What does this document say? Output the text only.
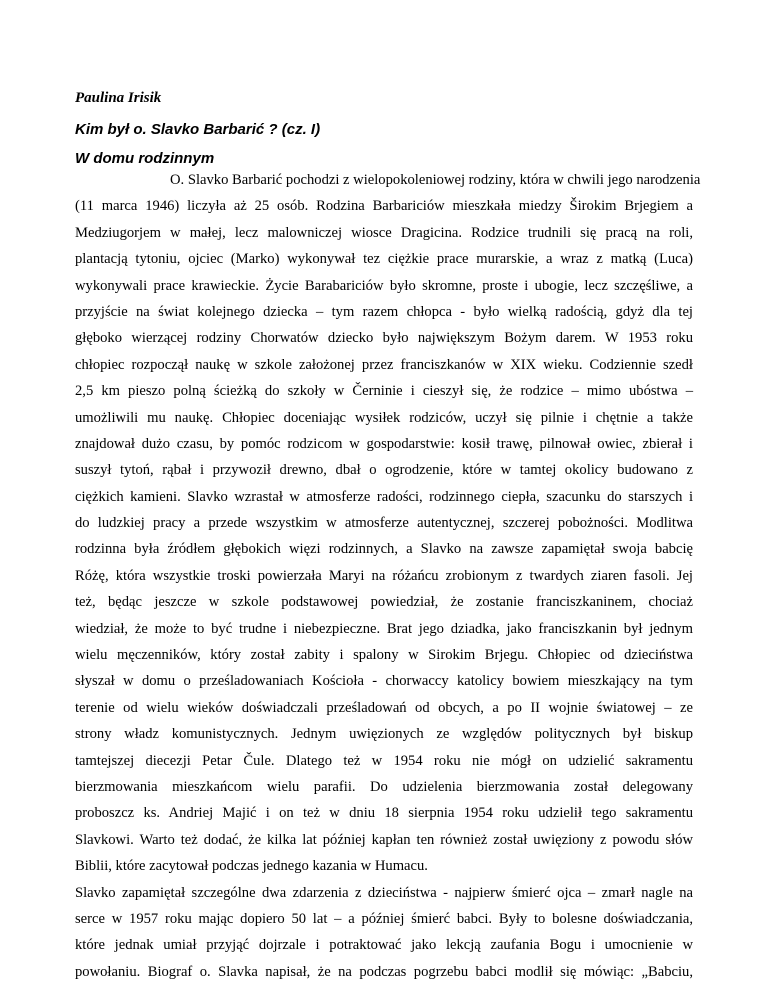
Paulina Irisik

Kim był o. Slavko Barbarić ? (cz. I)

W domu rodzinnym

O. Slavko Barbarić pochodzi z wielopokoleniowej rodziny, która w chwili jego narodzenia
(11 marca 1946) liczyła aż 25 osób. Rodzina Barbariciów mieszkała miedzy Širokim Brjegiem a
Medziugorjem w małej, lecz malowniczej wiosce Dragicina. Rodzice trudnili się pracą na roli,
plantacją tytoniu, ojciec (Marko) wykonywał tez ciężkie prace murarskie, a wraz z matką (Luca)
wykonywali prace krawieckie. Życie Barabariciów było skromne, proste i ubogie, lecz szczęśliwe, a
przyjście na świat kolejnego dziecka – tym razem chłopca - było wielką radością, gdyż dla tej
głęboko wierzącej rodziny Chorwatów dziecko było największym Bożym darem. W 1953 roku
chłopiec rozpoczął naukę w szkole założonej przez franciszkanów w XIX wieku. Codziennie szedł
2,5 km pieszo polną ścieżką do szkoły w Černinie i cieszył się, że rodzice – mimo ubóstwa –
umożliwili mu naukę. Chłopiec doceniając wysiłek rodziców, uczył się pilnie i chętnie a także
znajdował dużo czasu, by pomóc rodzicom w gospodarstwie: kosił trawę, pilnował owiec, zbierał i
suszył tytoń, rąbał i przywoził drewno, dbał o ogrodzenie, które w tamtej okolicy budowano z
ciężkich kamieni. Slavko wzrastał w atmosferze radości, rodzinnego ciepła, szacunku do starszych i
do ludzkiej pracy a przede wszystkim w atmosferze autentycznej, szczerej pobożności. Modlitwa
rodzinna była źródłem głębokich więzi rodzinnych, a Slavko na zawsze zapamiętał swoja babcię
Różę, która wszystkie troski powierzała Maryi na różańcu zrobionym z twardych ziaren fasoli. Jej
też, będąc jeszcze w szkole podstawowej powiedział, że zostanie franciszkaninem, chociaż
wiedział, że może to być trudne i niebezpieczne. Brat jego dziadka, jako franciszkanin był jednym
wielu męczenników, który został zabity i spalony w Sirokim Brjegu. Chłopiec od dzieciństwa
słyszał w domu o prześladowaniach Kościoła - chorwaccy katolicy bowiem mieszkający na tym
terenie od wielu wieków doświadczali prześladowań od obcych, a po II wojnie światowej – ze
strony władz komunistycznych. Jednym uwięzionych ze względów politycznych był biskup
tamtejszej diecezji Petar Čule. Dlatego też w 1954 roku nie mógł on udzielić sakramentu
bierzmowania mieszkańcom wielu parafii. Do udzielenia bierzmowania został delegowany
proboszcz ks. Andriej Majić i on też w dniu 18 sierpnia 1954 roku udzielił tego sakramentu
Slavkowi. Warto też dodać, że kilka lat później kapłan ten również został uwięziony z powodu słów
Biblii, które zacytował podczas jednego kazania w Humacu.
Slavko zapamiętał szczególne dwa zdarzenia z dzieciństwa - najpierw śmierć ojca – zmarł nagle na
serce w 1957 roku mając dopiero 50 lat – a później śmierć babci. Były to bolesne doświadczania,
które jednak umiał przyjąć dojrzale i potraktować jako lekcją zaufania Bogu i umocnienie w
powołaniu. Biograf o. Slavka napisał, że na podczas pogrzebu babci modlił się mówiąc: „Babciu,
